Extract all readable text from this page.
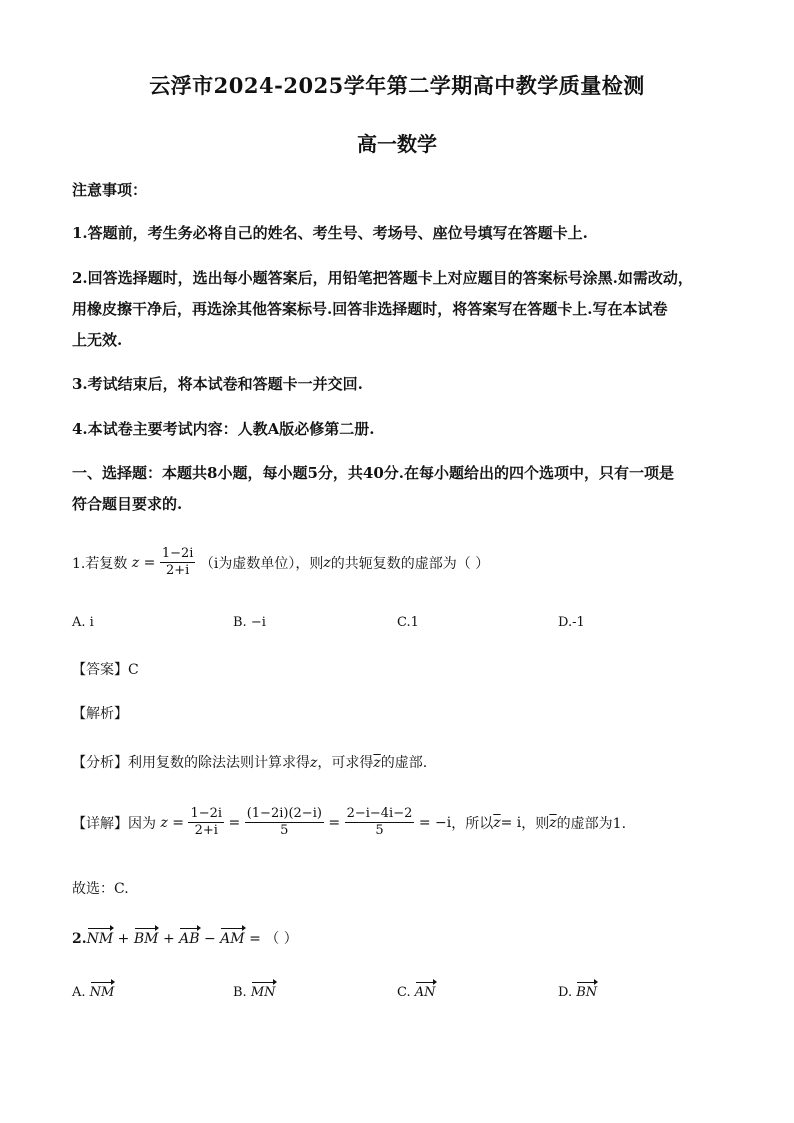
云浮市2024-2025学年第二学期高中教学质量检测
高一数学
注意事项：
1.答题前，考生务必将自己的姓名、考生号、考场号、座位号填写在答题卡上.
2.回答选择题时，选出每小题答案后，用铅笔把答题卡上对应题目的答案标号涂黑.如需改动，
用橡皮擦干净后，再选涂其他答案标号.回答非选择题时，将答案写在答题卡上.写在本试卷
上无效.
3.考试结束后，将本试卷和答题卡一并交回.
4.本试卷主要考试内容：人教A版必修第二册.
一、选择题：本题共8小题，每小题5分，共40分.在每小题给出的四个选项中，只有一项是
符合题目要求的.
1.若复数 $z = \frac{1-2i}{2+i} (i$为虚数单位），则z的共轭复数的虚部为（ ）
A. i	B. −i	C.1	D.-1
【答案】C
【解析】
【分析】利用复数的除法法则计算求得z，可求得$\overline{z}$的虚部.
【详解】因为 $z = \frac{1-2i}{2+i} = \frac{(1-2i)(2-i)}{5} = \frac{2-i-4i-2}{5} = -i$，所以$\overline{z}= i$，则$\overline{z}$的虚部为1.
故选：C.
2.NM + BM + AB − AM = （ ）
A. NM	B. MN	C. AN	D. BN
